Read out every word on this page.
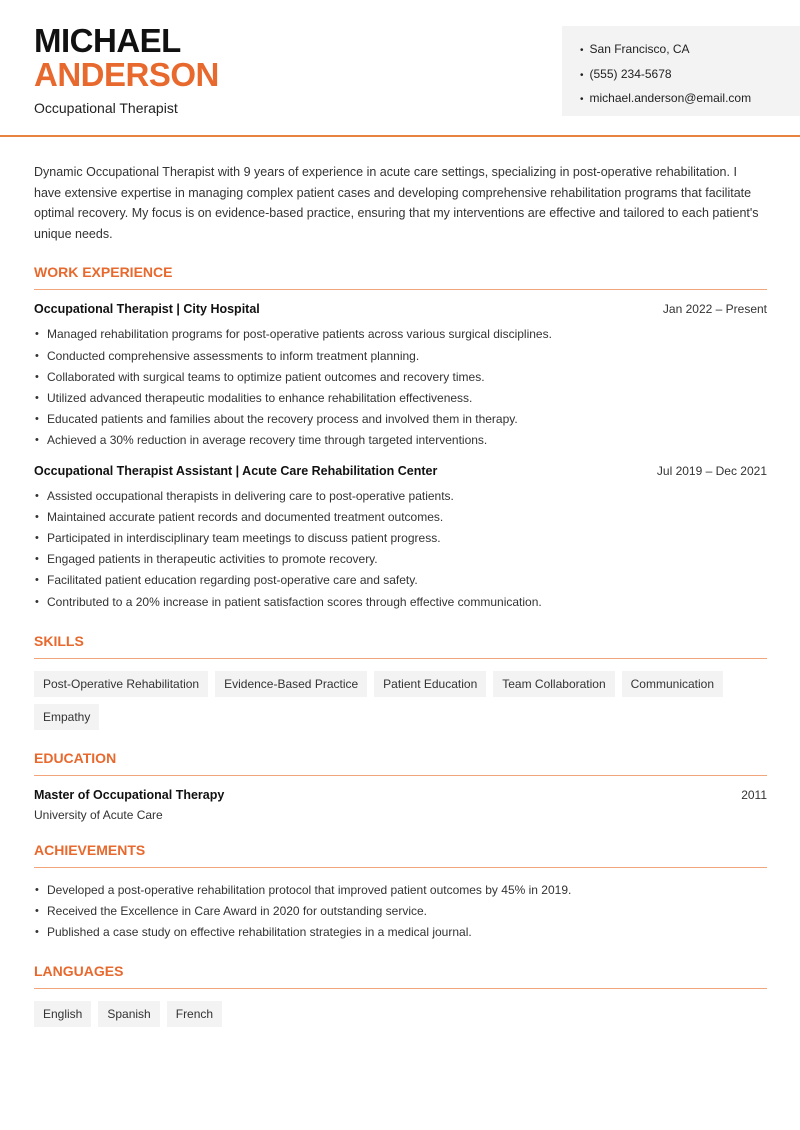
MICHAEL
ANDERSON
Occupational Therapist
• San Francisco, CA
• (555) 234-5678
• michael.anderson@email.com

Dynamic Occupational Therapist with 9 years of experience in acute care settings, specializing in post-operative rehabilitation. I have extensive expertise in managing complex patient cases and developing comprehensive rehabilitation programs that facilitate optimal recovery. My focus is on evidence-based practice, ensuring that my interventions are effective and tailored to each patient's unique needs.

WORK EXPERIENCE
Occupational Therapist | City Hospital	Jan 2022 – Present
• Managed rehabilitation programs for post-operative patients across various surgical disciplines.
• Conducted comprehensive assessments to inform treatment planning.
• Collaborated with surgical teams to optimize patient outcomes and recovery times.
• Utilized advanced therapeutic modalities to enhance rehabilitation effectiveness.
• Educated patients and families about the recovery process and involved them in therapy.
• Achieved a 30% reduction in average recovery time through targeted interventions.
Occupational Therapist Assistant | Acute Care Rehabilitation Center	Jul 2019 – Dec 2021
• Assisted occupational therapists in delivering care to post-operative patients.
• Maintained accurate patient records and documented treatment outcomes.
• Participated in interdisciplinary team meetings to discuss patient progress.
• Engaged patients in therapeutic activities to promote recovery.
• Facilitated patient education regarding post-operative care and safety.
• Contributed to a 20% increase in patient satisfaction scores through effective communication.
SKILLS
Post-Operative Rehabilitation	Evidence-Based Practice	Patient Education	Team Collaboration	Communication
Empathy
EDUCATION
Master of Occupational Therapy	2011
University of Acute Care
ACHIEVEMENTS
• Developed a post-operative rehabilitation protocol that improved patient outcomes by 45% in 2019.
• Received the Excellence in Care Award in 2020 for outstanding service.
• Published a case study on effective rehabilitation strategies in a medical journal.
LANGUAGES
English	Spanish	French
